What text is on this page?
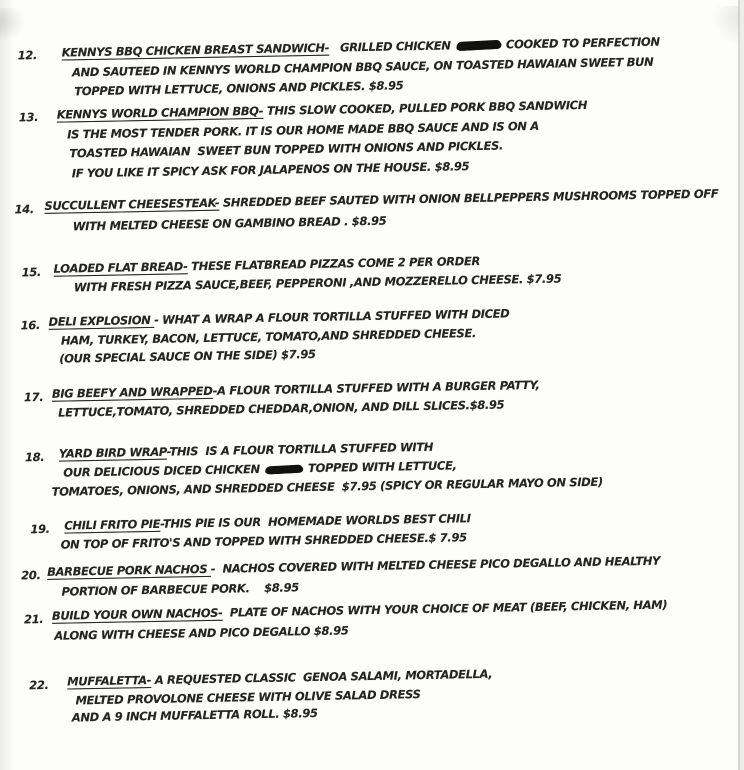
12. KENNYS BBQ CHICKEN BREAST SANDWICH-   GRILLED CHICKEN	COOKED TO PERFECTION
AND SAUTEED IN KENNYS WORLD CHAMPION BBQ SAUCE, ON TOASTED HAWAIAN SWEET BUN
TOPPED WITH LETTUCE, ONIONS AND PICKLES. $8.95
13. KENNYS WORLD CHAMPION BBQ- THIS SLOW COOKED, PULLED PORK BBQ SANDWICH
IS THE MOST TENDER PORK. IT IS OUR HOME MADE BBQ SAUCE AND IS ON A
TOASTED HAWAIAN  SWEET BUN TOPPED WITH ONIONS AND PICKLES.
IF YOU LIKE IT SPICY ASK FOR JALAPENOS ON THE HOUSE. $8.95
14. SUCCULLENT CHEESESTEAK- SHREDDED BEEF SAUTED WITH ONION BELLPEPPERS MUSHROOMS TOPPED OFF
WITH MELTED CHEESE ON GAMBINO BREAD . $8.95
15. LOADED FLAT BREAD- THESE FLATBREAD PIZZAS COME 2 PER ORDER
WITH FRESH PIZZA SAUCE,BEEF, PEPPERONI ,AND MOZZERELLO CHEESE. $7.95
16. DELI EXPLOSION - WHAT A WRAP A FLOUR TORTILLA STUFFED WITH DICED
HAM, TURKEY, BACON, LETTUCE, TOMATO,AND SHREDDED CHEESE.
(OUR SPECIAL SAUCE ON THE SIDE) $7.95
17. BIG BEEFY AND WRAPPED-A FLOUR TORTILLA STUFFED WITH A BURGER PATTY,
LETTUCE,TOMATO, SHREDDED CHEDDAR,ONION, AND DILL SLICES.$8.95
18. YARD BIRD WRAP-THIS  IS A FLOUR TORTILLA STUFFED WITH
OUR DELICIOUS DICED CHICKEN	TOPPED WITH LETTUCE,
TOMATOES, ONIONS, AND SHREDDED CHEESE  $7.95 (SPICY OR REGULAR MAYO ON SIDE)
19. CHILI FRITO PIE-THIS PIE IS OUR  HOMEMADE WORLDS BEST CHILI
ON TOP OF FRITO'S AND TOPPED WITH SHREDDED CHEESE.$ 7.95
20. BARBECUE PORK NACHOS -  NACHOS COVERED WITH MELTED CHEESE PICO DEGALLO AND HEALTHY
PORTION OF BARBECUE PORK.    $8.95
21. BUILD YOUR OWN NACHOS-  PLATE OF NACHOS WITH YOUR CHOICE OF MEAT (BEEF, CHICKEN, HAM)
ALONG WITH CHEESE AND PICO DEGALLO $8.95
22. MUFFALETTA- A REQUESTED CLASSIC  GENOA SALAMI, MORTADELLA,
MELTED PROVOLONE CHEESE WITH OLIVE SALAD DRESS
AND A 9 INCH MUFFALETTA ROLL. $8.95
